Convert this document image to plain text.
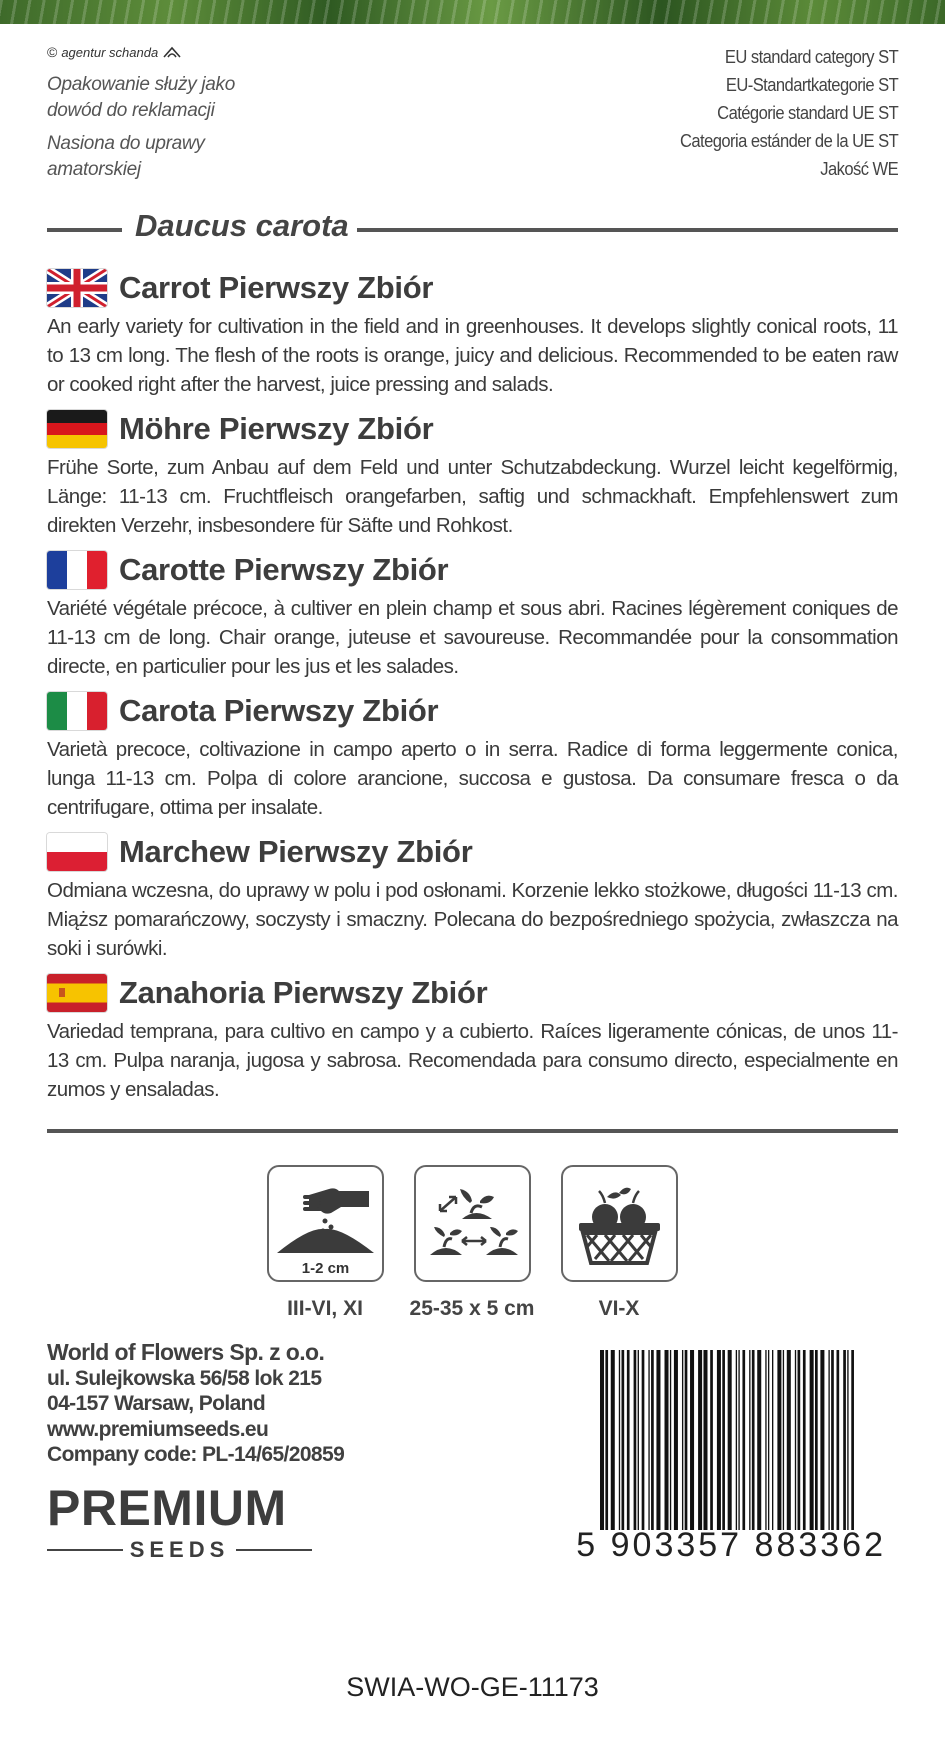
© agentur schanda
Opakowanie służy jako
dowód do reklamacji
Nasiona do uprawy
amatorskiej
EU standard category ST
EU-Standartkategorie ST
Catégorie standard UE ST
Categoria estánder de la UE ST
Jakość WE
Daucus carota
Carrot Pierwszy Zbiór
An early variety for cultivation in the field and in greenhouses. It develops slightly conical roots, 11 to 13 cm long. The flesh of the roots is orange, juicy and delicious. Recommended to be eaten raw or cooked right after the harvest, juice pressing and salads.
Möhre Pierwszy Zbiór
Frühe Sorte, zum Anbau auf dem Feld und unter Schutzabdeckung. Wurzel leicht kegelförmig, Länge: 11-13 cm. Fruchtfleisch orangefarben, saftig und schmackhaft. Empfehlenswert zum direkten Verzehr, insbesondere für Säfte und Rohkost.
Carotte Pierwszy Zbiór
Variété végétale précoce, à cultiver en plein champ et sous abri. Racines légèrement coniques de 11-13 cm de long. Chair orange, juteuse et savoureuse. Recommandée pour la consommation directe, en particulier pour les jus et les salades.
Carota Pierwszy Zbiór
Varietà precoce, coltivazione in campo aperto o in serra. Radice di forma leggermente conica, lunga 11-13 cm. Polpa di colore arancione, succosa e gustosa. Da consumare fresca o da centrifugare, ottima per insalate.
Marchew Pierwszy Zbiór
Odmiana wczesna, do uprawy w polu i pod osłonami. Korzenie lekko stożkowe, długości 11-13 cm. Miąższ pomarańczowy, soczysty i smaczny. Polecana do bezpośredniego spożycia, zwłaszcza na soki i surówki.
Zanahoria Pierwszy Zbiór
Variedad temprana, para cultivo en campo y a cubierto. Raíces ligeramente cónicas, de unos 11-13 cm. Pulpa naranja, jugosa y sabrosa. Recomendada para consumo directo, especialmente en zumos y ensaladas.
1-2 cm
III-VI, XI	25-35 x 5 cm	VI-X
World of Flowers Sp. z o.o.
ul. Sulejkowska 56/58 lok 215
04-157 Warsaw, Poland
www.premiumseeds.eu
Company code: PL-14/65/20859
PREMIUM
SEEDS	5 903357 883362
SWIA-WO-GE-11173
